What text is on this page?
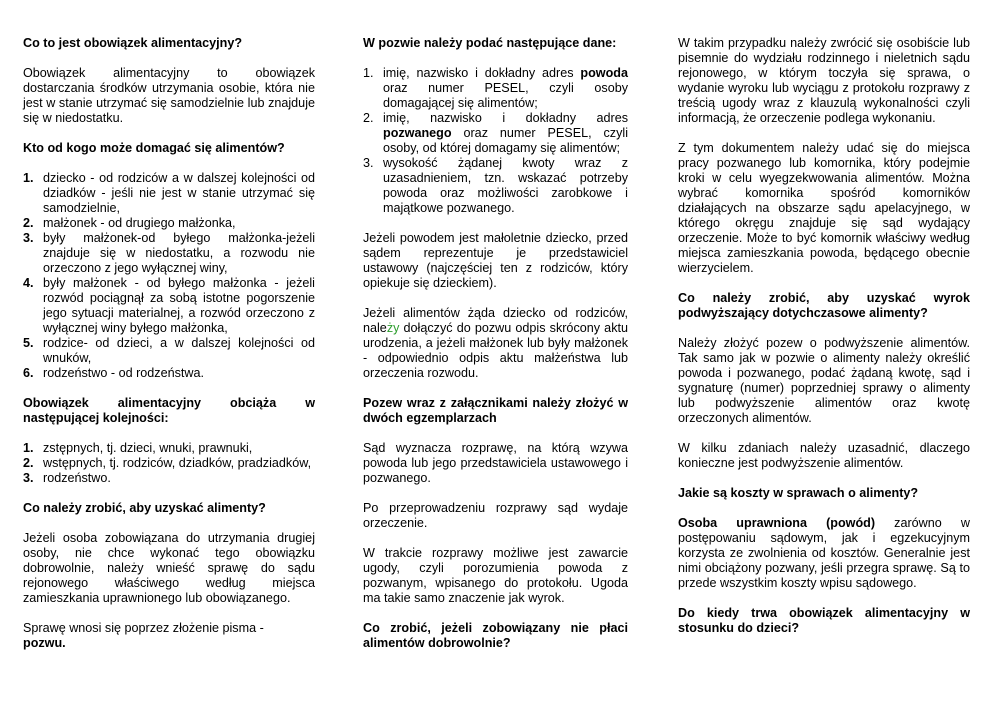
Co to jest obowiązek alimentacyjny?

Obowiązek alimentacyjny to obowiązek dostarczania środków utrzymania osobie, która nie jest w stanie utrzymać się samodzielnie lub znajduje się w niedostatku.

Kto od kogo może domagać się alimentów?
1. dziecko - od rodziców a w dalszej kolejności od dziadków - jeśli nie jest w stanie utrzymać się samodzielnie,
2. małżonek - od drugiego małżonka,
3. były małżonek-od byłego małżonka-jeżeli znajduje się w niedostatku, a rozwodu nie orzeczono z jego wyłącznej winy,
4. były małżonek - od byłego małżonka - jeżeli rozwód pociągnął za sobą istotne pogorszenie jego sytuacji materialnej, a rozwód orzeczono z wyłącznej winy byłego małżonka,
5. rodzice- od dzieci, a w dalszej kolejności od wnuków,
6. rodzeństwo - od rodzeństwa.
Obowiązek alimentacyjny obciąża w następującej kolejności:
1. zstępnych, tj. dzieci, wnuki, prawnuki,
2. wstępnych, tj. rodziców, dziadków, pradziadków,
3. rodzeństwo.
Co należy zrobić, aby uzyskać alimenty?

Jeżeli osoba zobowiązana do utrzymania drugiej osoby, nie chce wykonać tego obowiązku dobrowolnie, należy wnieść sprawę do sądu rejonowego właściwego według miejsca zamieszkania uprawnionego lub obowiązanego.

Sprawę wnosi się poprzez złożenie pisma -
pozwu.

W pozwie należy podać następujące dane:
1. imię, nazwisko i dokładny adres powoda oraz numer PESEL, czyli osoby domagającej się alimentów;
2. imię, nazwisko i dokładny adres pozwanego oraz numer PESEL, czyli osoby, od której domagamy się alimentów;
3. wysokość żądanej kwoty wraz z uzasadnieniem, tzn. wskazać potrzeby powoda oraz możliwości zarobkowe i majątkowe pozwanego.

Jeżeli powodem jest małoletnie dziecko, przed sądem reprezentuje je przedstawiciel ustawowy (najczęściej ten z rodziców, który opiekuje się dzieckiem).

Jeżeli alimentów żąda dziecko od rodziców, należy dołączyć do pozwu odpis skrócony aktu urodzenia, a jeżeli małżonek lub były małżonek - odpowiednio odpis aktu małżeństwa lub orzeczenia rozwodu.

Pozew wraz z załącznikami należy złożyć w dwóch egzemplarzach

Sąd wyznacza rozprawę, na którą wzywa powoda lub jego przedstawiciela ustawowego i pozwanego.

Po przeprowadzeniu rozprawy sąd wydaje orzeczenie.

W trakcie rozprawy możliwe jest zawarcie ugody, czyli porozumienia powoda z pozwanym, wpisanego do protokołu. Ugoda ma takie samo znaczenie jak wyrok.

Co zrobić, jeżeli zobowiązany nie płaci alimentów dobrowolnie?

W takim przypadku należy zwrócić się osobiście lub pisemnie do wydziału rodzinnego i nieletnich sądu rejonowego, w którym toczyła się sprawa, o wydanie wyroku lub wyciągu z protokołu rozprawy z treścią ugody wraz z klauzulą wykonalności czyli informacją, że orzeczenie podlega wykonaniu.

Z tym dokumentem należy udać się do miejsca pracy pozwanego lub komornika, który podejmie kroki w celu wyegzekwowania alimentów. Można wybrać komornika spośród komorników działających na obszarze sądu apelacyjnego, w którego okręgu znajduje się sąd wydający orzeczenie. Może to być komornik właściwy według miejsca zamieszkania powoda, będącego obecnie wierzycielem.

Co należy zrobić, aby uzyskać wyrok podwyższający dotychczasowe alimenty?

Należy złożyć pozew o podwyższenie alimentów. Tak samo jak w pozwie o alimenty należy określić powoda i pozwanego, podać żądaną kwotę, sąd i sygnaturę (numer) poprzedniej sprawy o alimenty lub podwyższenie alimentów oraz kwotę orzeczonych alimentów.

W kilku zdaniach należy uzasadnić, dlaczego konieczne jest podwyższenie alimentów.

Jakie są koszty w sprawach o alimenty?

Osoba uprawniona (powód) zarówno w postępowaniu sądowym, jak i egzekucyjnym korzysta ze zwolnienia od kosztów. Generalnie jest nimi obciążony pozwany, jeśli przegra sprawę. Są to przede wszystkim koszty wpisu sądowego.

Do kiedy trwa obowiązek alimentacyjny w stosunku do dzieci?
